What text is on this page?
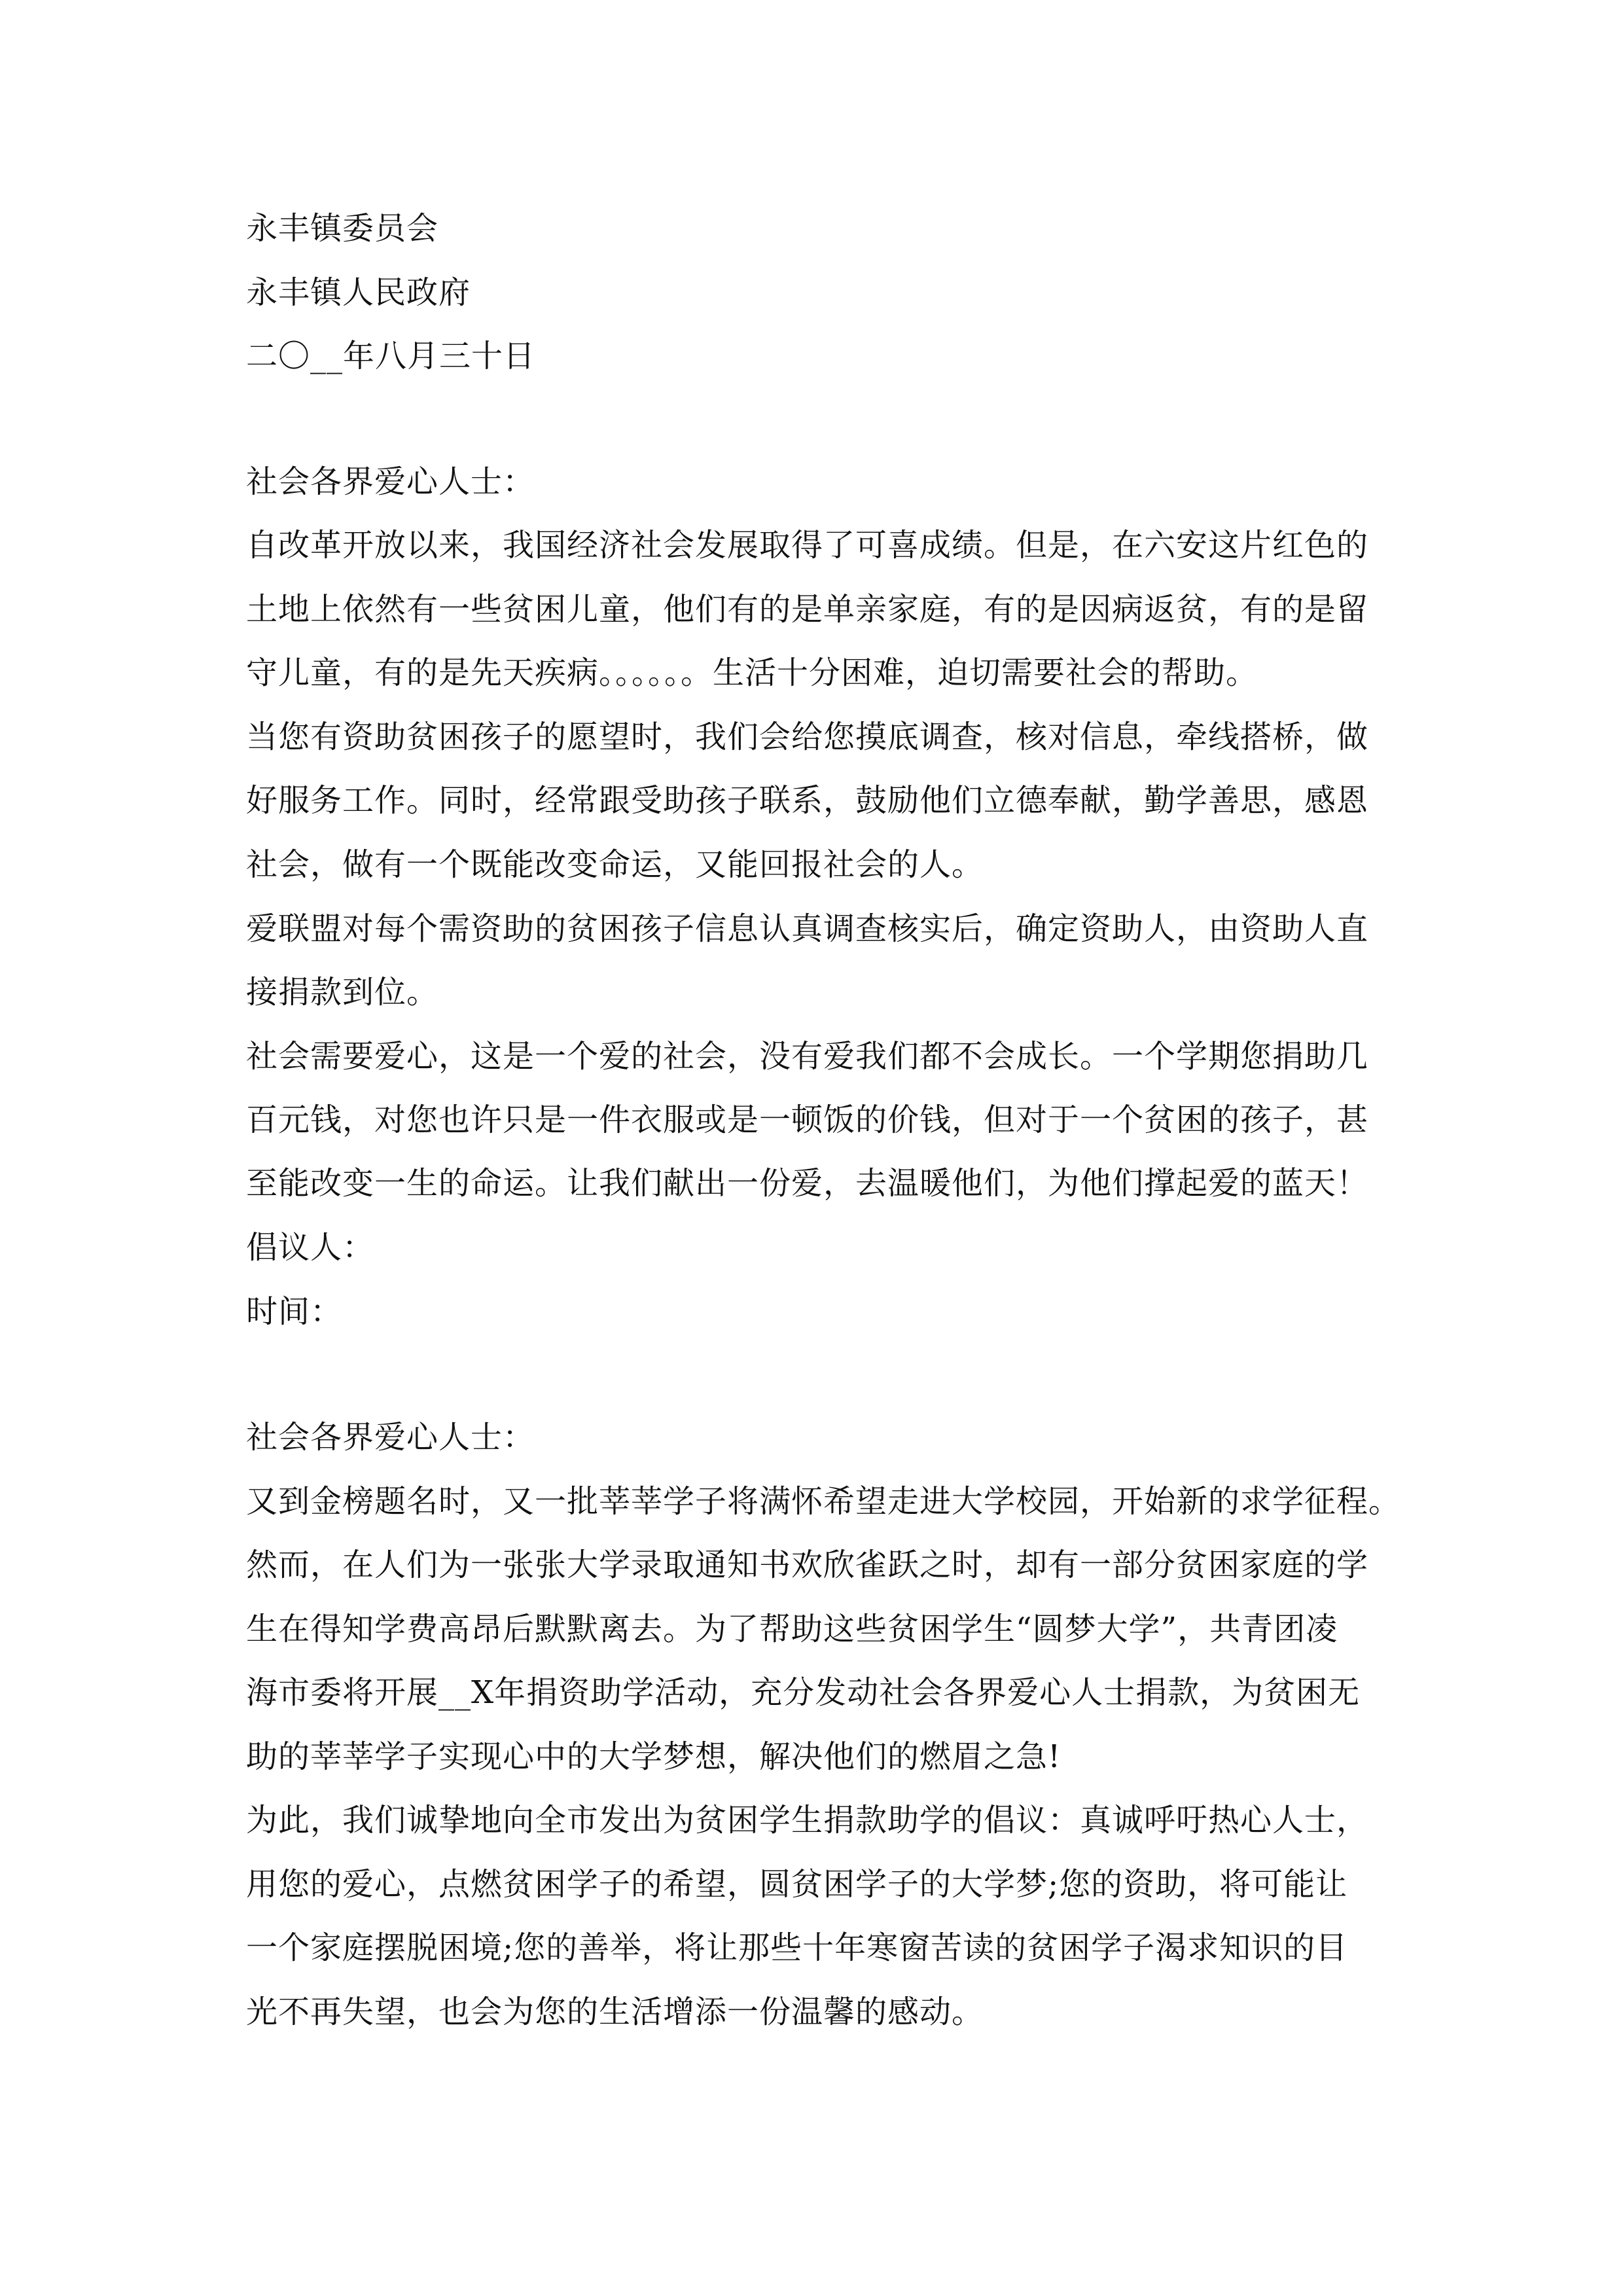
永丰镇委员会
永丰镇人民政府
二〇__年八月三十日
社会各界爱心人士：
自改革开放以来，我国经济社会发展取得了可喜成绩。但是，在六安这片红色的
土地上依然有一些贫困儿童，他们有的是单亲家庭，有的是因病返贫，有的是留
守儿童，有的是先天疾病。。。。。。生活十分困难，迫切需要社会的帮助。
当您有资助贫困孩子的愿望时，我们会给您摸底调查，核对信息，牵线搭桥，做
好服务工作。同时，经常跟受助孩子联系，鼓励他们立德奉献，勤学善思，感恩
社会，做有一个既能改变命运，又能回报社会的人。
爱联盟对每个需资助的贫困孩子信息认真调查核实后，确定资助人，由资助人直
接捐款到位。
社会需要爱心，这是一个爱的社会，没有爱我们都不会成长。一个学期您捐助几
百元钱，对您也许只是一件衣服或是一顿饭的价钱，但对于一个贫困的孩子，甚
至能改变一生的命运。让我们献出一份爱，去温暖他们，为他们撑起爱的蓝天！
倡议人：
时间：
社会各界爱心人士：
又到金榜题名时，又一批莘莘学子将满怀希望走进大学校园，开始新的求学征程。
然而，在人们为一张张大学录取通知书欢欣雀跃之时，却有一部分贫困家庭的学
生在得知学费高昂后默默离去。为了帮助这些贫困学生“圆梦大学”，共青团凌
海市委将开展__X年捐资助学活动，充分发动社会各界爱心人士捐款，为贫困无
助的莘莘学子实现心中的大学梦想，解决他们的燃眉之急!
为此，我们诚挚地向全市发出为贫困学生捐款助学的倡议：真诚呼吁热心人士，
用您的爱心，点燃贫困学子的希望，圆贫困学子的大学梦;您的资助，将可能让
一个家庭摆脱困境;您的善举，将让那些十年寒窗苦读的贫困学子渴求知识的目
光不再失望，也会为您的生活增添一份温馨的感动。
